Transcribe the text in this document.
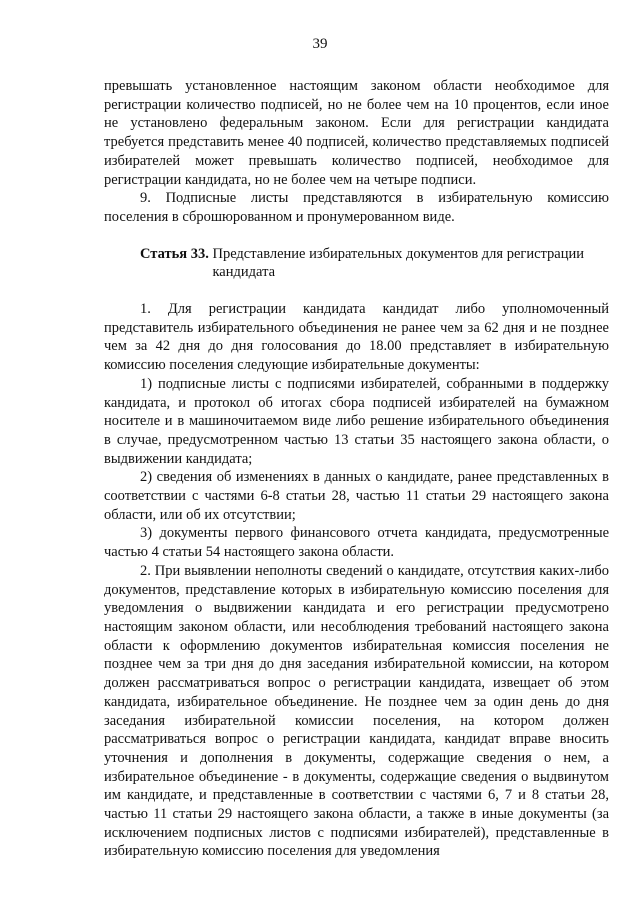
39

превышать установленное настоящим законом области необходимое для регистрации количество подписей, но не более чем на 10 процентов, если иное не установлено федеральным законом. Если для регистрации кандидата требуется представить менее 40 подписей, количество представляемых подписей избирателей может превышать количество подписей, необходимое для регистрации кандидата, но не более чем на четыре подписи.

9. Подписные листы представляются в избирательную комиссию поселения в сброшюрованном и пронумерованном виде.

Статья 33.
Представление избирательных документов для регистрации кандидата

1. Для регистрации кандидата кандидат либо уполномоченный представитель избирательного объединения не ранее чем за 62 дня и не позднее чем за 42 дня до дня голосования до 18.00 представляет в избирательную комиссию поселения следующие избирательные документы:

1) подписные листы с подписями избирателей, собранными в поддержку кандидата, и протокол об итогах сбора подписей избирателей на бумажном носителе и в машиночитаемом виде либо решение избирательного объединения в случае, предусмотренном частью 13 статьи 35 настоящего закона области, о выдвижении кандидата;

2) сведения об изменениях в данных о кандидате, ранее представленных в соответствии с частями 6-8 статьи 28, частью 11 статьи 29 настоящего закона области, или об их отсутствии;

3) документы первого финансового отчета кандидата, предусмотренные частью 4 статьи 54 настоящего закона области.

2. При выявлении неполноты сведений о кандидате, отсутствия каких-либо документов, представление которых в избирательную комиссию поселения для уведомления о выдвижении кандидата и его регистрации предусмотрено настоящим законом области, или несоблюдения требований настоящего закона области к оформлению документов избирательная комиссия поселения не позднее чем за три дня до дня заседания избирательной комиссии, на котором должен рассматриваться вопрос о регистрации кандидата, извещает об этом кандидата, избирательное объединение. Не позднее чем за один день до дня заседания избирательной комиссии поселения, на котором должен рассматриваться вопрос о регистрации кандидата, кандидат вправе вносить уточнения и дополнения в документы, содержащие сведения о нем, а избирательное объединение - в документы, содержащие сведения о выдвинутом им кандидате, и представленные в соответствии с частями 6, 7 и 8 статьи 28, частью 11 статьи 29 настоящего закона области, а также в иные документы (за исключением подписных листов с подписями избирателей), представленные в избирательную комиссию поселения для уведомления
